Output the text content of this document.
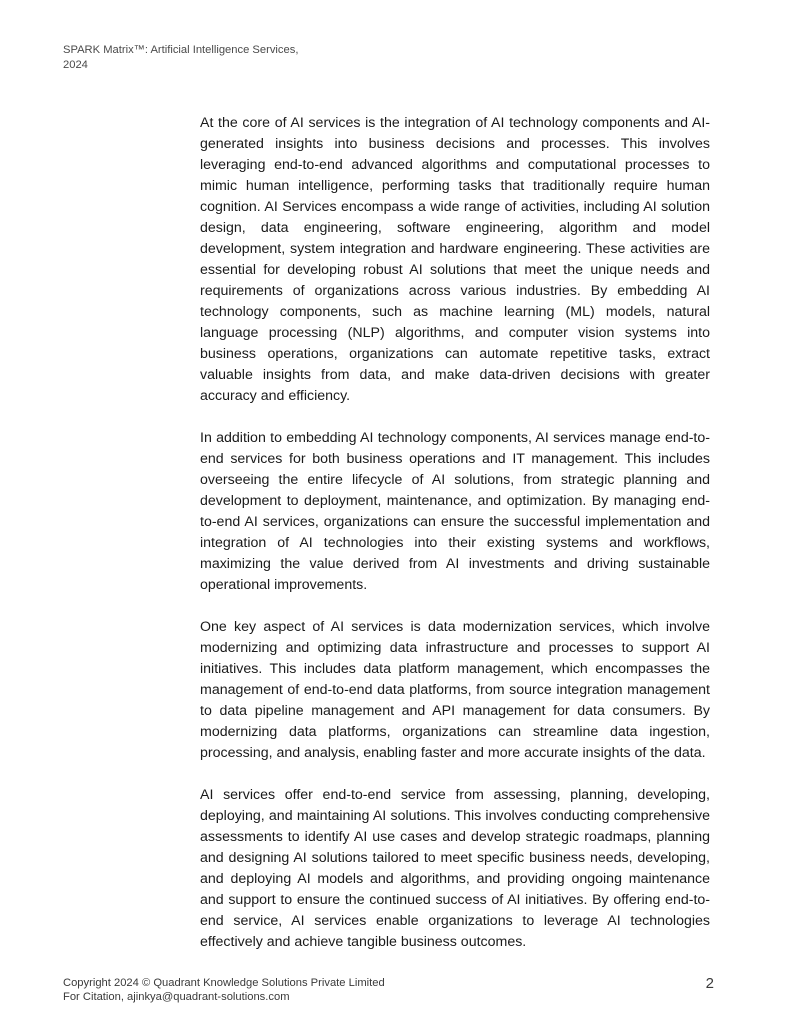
SPARK Matrix™: Artificial Intelligence Services, 2024

At the core of AI services is the integration of AI technology components and AI-generated insights into business decisions and processes. This involves leveraging end-to-end advanced algorithms and computational processes to mimic human intelligence, performing tasks that traditionally require human cognition. AI Services encompass a wide range of activities, including AI solution design, data engineering, software engineering, algorithm and model development, system integration and hardware engineering. These activities are essential for developing robust AI solutions that meet the unique needs and requirements of organizations across various industries. By embedding AI technology components, such as machine learning (ML) models, natural language processing (NLP) algorithms, and computer vision systems into business operations, organizations can automate repetitive tasks, extract valuable insights from data, and make data-driven decisions with greater accuracy and efficiency.

In addition to embedding AI technology components, AI services manage end-to-end services for both business operations and IT management. This includes overseeing the entire lifecycle of AI solutions, from strategic planning and development to deployment, maintenance, and optimization. By managing end-to-end AI services, organizations can ensure the successful implementation and integration of AI technologies into their existing systems and workflows, maximizing the value derived from AI investments and driving sustainable operational improvements.

One key aspect of AI services is data modernization services, which involve modernizing and optimizing data infrastructure and processes to support AI initiatives. This includes data platform management, which encompasses the management of end-to-end data platforms, from source integration management to data pipeline management and API management for data consumers. By modernizing data platforms, organizations can streamline data ingestion, processing, and analysis, enabling faster and more accurate insights of the data.

AI services offer end-to-end service from assessing, planning, developing, deploying, and maintaining AI solutions. This involves conducting comprehensive assessments to identify AI use cases and develop strategic roadmaps, planning and designing AI solutions tailored to meet specific business needs, developing, and deploying AI models and algorithms, and providing ongoing maintenance and support to ensure the continued success of AI initiatives. By offering end-to-end service, AI services enable organizations to leverage AI technologies effectively and achieve tangible business outcomes.

Copyright 2024 © Quadrant Knowledge Solutions Private Limited
For Citation, ajinkya@quadrant-solutions.com
2
